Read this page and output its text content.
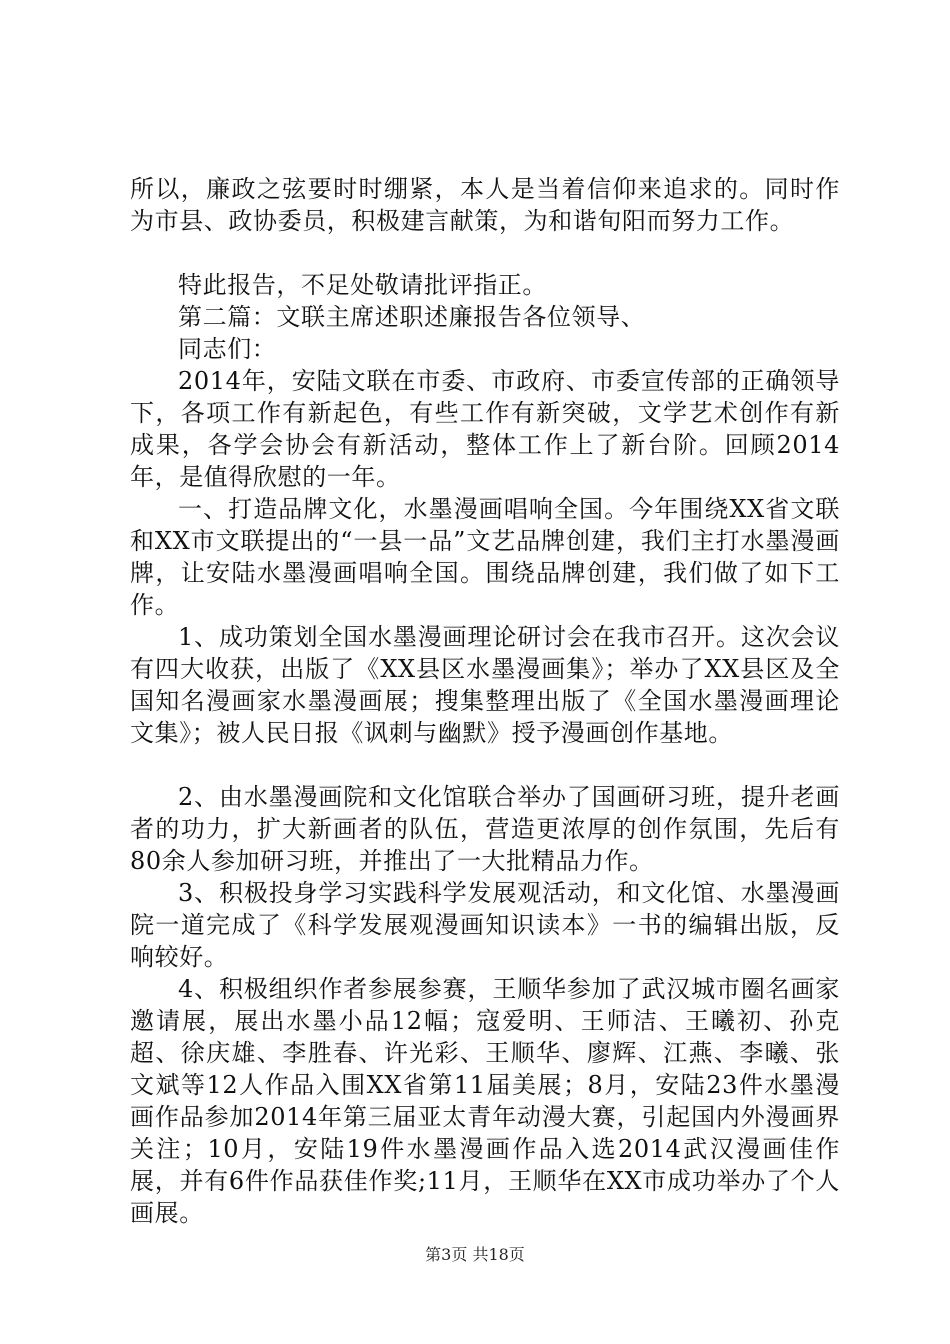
所以，廉政之弦要时时绷紧，本人是当着信仰来追求的。同时作为市县、政协委员，积极建言献策，为和谐旬阳而努力工作。

特此报告，不足处敬请批评指正。

第二篇：文联主席述职述廉报告各位领导、

同志们：

2014年，安陆文联在市委、市政府、市委宣传部的正确领导下，各项工作有新起色，有些工作有新突破，文学艺术创作有新成果，各学会协会有新活动，整体工作上了新台阶。回顾2014年，是值得欣慰的一年。

一、打造品牌文化，水墨漫画唱响全国。今年围绕XX省文联和XX市文联提出的“一县一品”文艺品牌创建，我们主打水墨漫画牌，让安陆水墨漫画唱响全国。围绕品牌创建，我们做了如下工作。

1、成功策划全国水墨漫画理论研讨会在我市召开。这次会议有四大收获，出版了《XX县区水墨漫画集》；举办了XX县区及全国知名漫画家水墨漫画展；搜集整理出版了《全国水墨漫画理论文集》；被人民日报《讽刺与幽默》授予漫画创作基地。

2、由水墨漫画院和文化馆联合举办了国画研习班，提升老画者的功力，扩大新画者的队伍，营造更浓厚的创作氛围，先后有80余人参加研习班，并推出了一大批精品力作。

3、积极投身学习实践科学发展观活动，和文化馆、水墨漫画院一道完成了《科学发展观漫画知识读本》一书的编辑出版，反响较好。

4、积极组织作者参展参赛，王顺华参加了武汉城市圈名画家邀请展，展出水墨小品12幅；寇爱明、王师洁、王曦初、孙克超、徐庆雄、李胜春、许光彩、王顺华、廖辉、江燕、李曦、张文斌等12人作品入围XX省第11届美展；8月，安陆23件水墨漫画作品参加2014年第三届亚太青年动漫大赛，引起国内外漫画界关注；10月，安陆19件水墨漫画作品入选2014武汉漫画佳作展，并有6件作品获佳作奖;11月，王顺华在XX市成功举办了个人画展。

第3页 共18页
